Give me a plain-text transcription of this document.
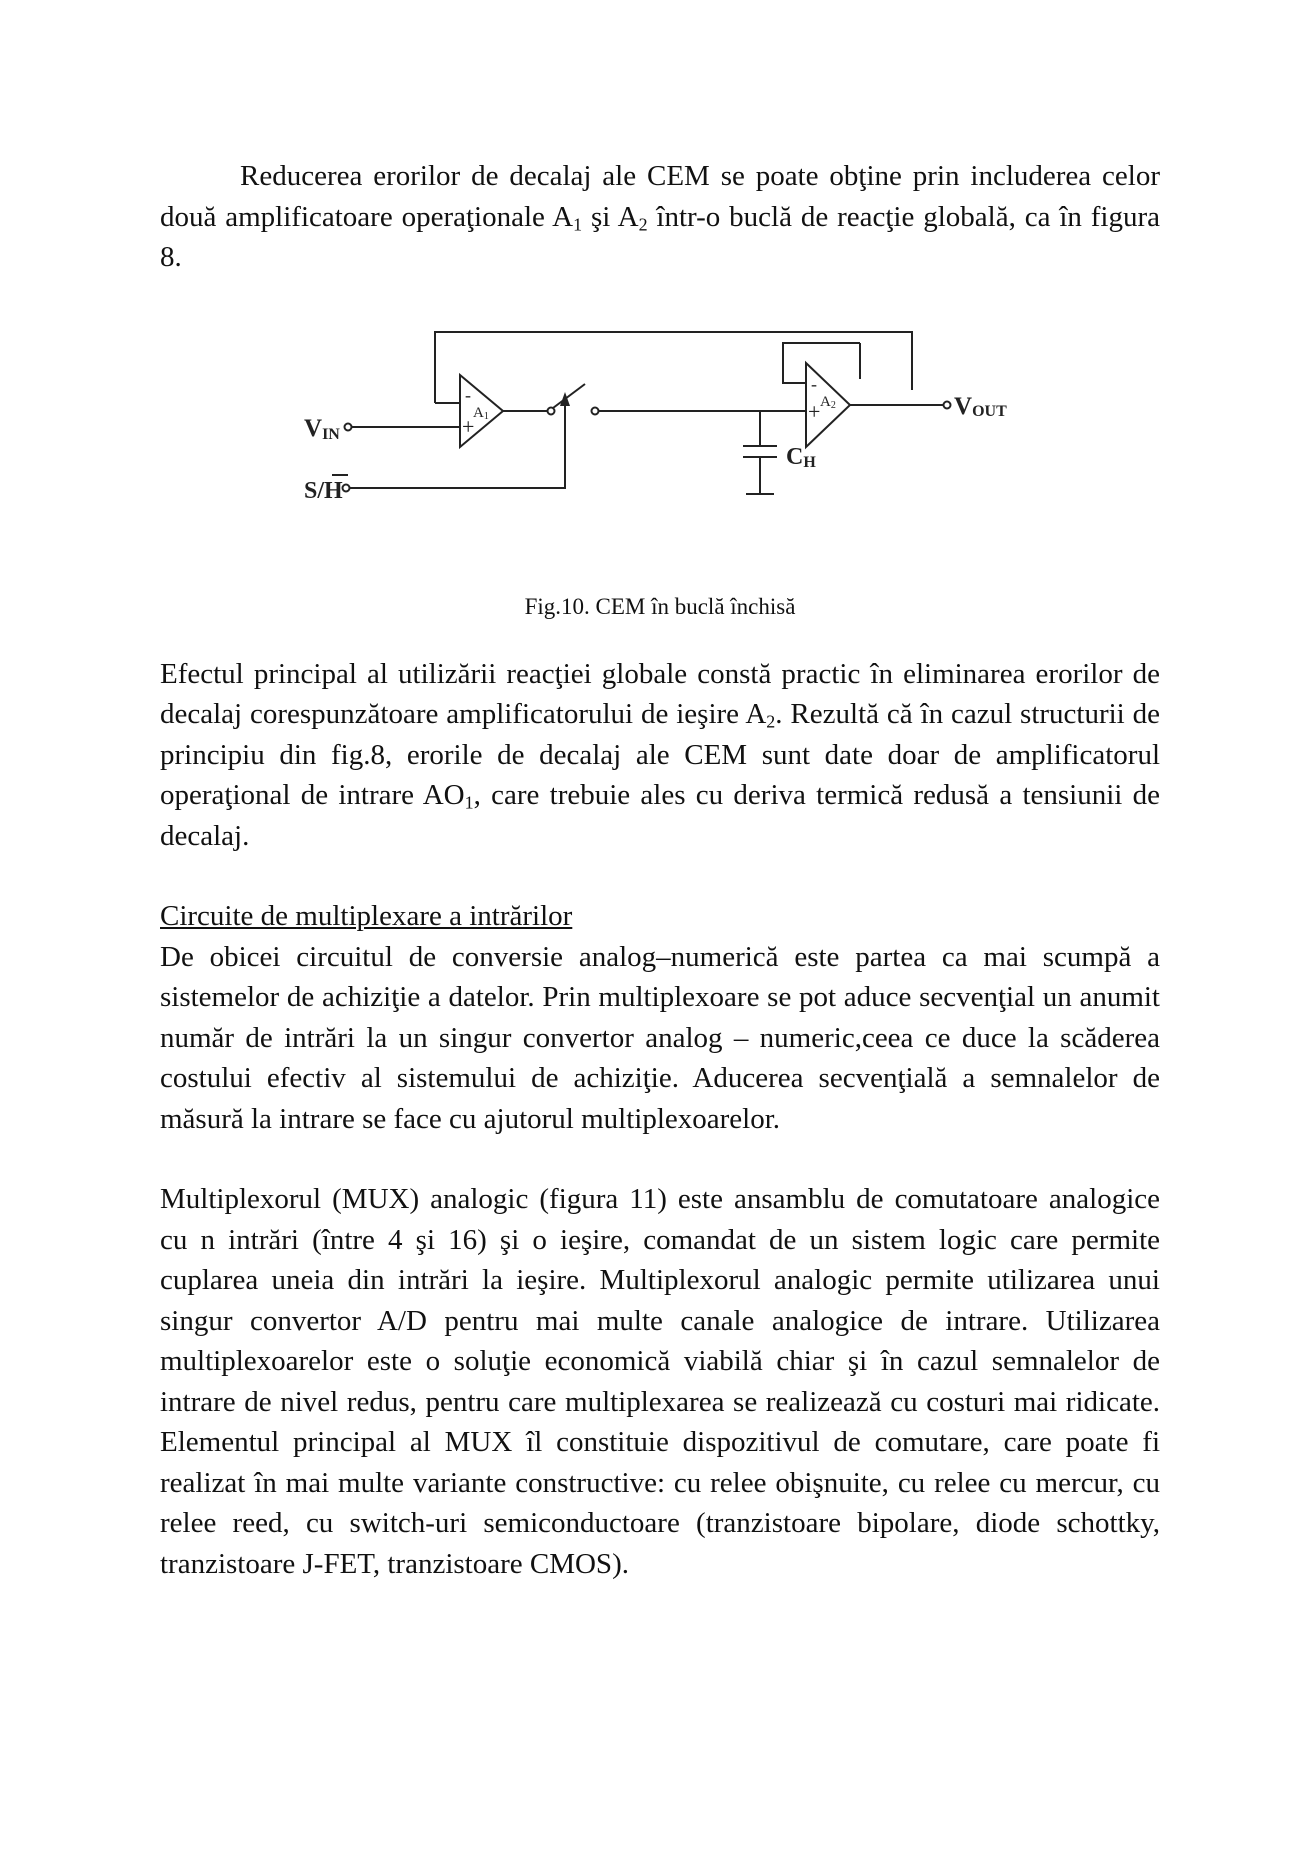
Reducerea erorilor de decalaj ale CEM se poate obţine prin includerea celor două amplificatoare operaţionale $A_1$ şi $A_2$ într-o buclă de reacţie globală, ca în figura 8.

VIN
S/H
-
+
A1
-
+ A2
CH
VOUT
Fig.10. CEM în buclă închisă

Efectul principal al utilizării reacţiei globale constă practic în eliminarea erorilor de decalaj corespunzătoare amplificatorului de ieşire $A_2$. Rezultă că în cazul structurii de principiu din fig.8, erorile de decalaj ale CEM sunt date doar de amplificatorul operaţional de intrare $AO_1$, care trebuie ales cu deriva termică redusă a tensiunii de decalaj.

Circuite de multiplexare a intrărilor

De obicei circuitul de conversie analog–numerică este partea ca mai scumpă a sistemelor de achiziţie a datelor. Prin multiplexoare se pot aduce secvenţial un anumit număr de intrări la un singur convertor analog – numeric,ceea ce duce la scăderea costului efectiv al sistemului de achiziţie. Aducerea secvenţială a semnalelor de măsură la intrare se face cu ajutorul multiplexoarelor.

Multiplexorul (MUX) analogic (figura 11) este ansamblu de comutatoare analogice cu n intrări (între 4 şi 16) şi o ieşire, comandat de un sistem logic care permite cuplarea uneia din intrări la ieşire. Multiplexorul analogic permite utilizarea unui singur convertor A/D pentru mai multe canale analogice de intrare. Utilizarea multiplexoarelor este o soluţie economică viabilă chiar şi în cazul semnalelor de intrare de nivel redus, pentru care multiplexarea se realizează cu costuri mai ridicate. Elementul principal al MUX îl constituie dispozitivul de comutare, care poate fi realizat în mai multe variante constructive: cu relee obişnuite, cu relee cu mercur, cu relee reed, cu switch-uri semiconductoare (tranzistoare bipolare, diode schottky, tranzistoare J-FET, tranzistoare CMOS).
